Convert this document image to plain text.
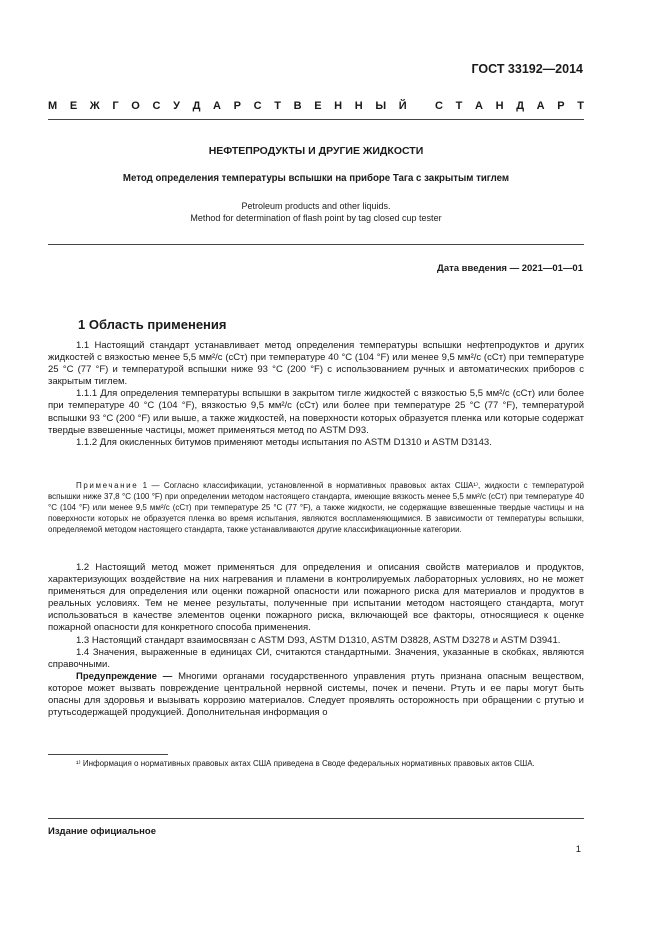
ГОСТ 33192—2014
М Е Ж Г О С У Д А Р С Т В Е Н Н Ы Й
	С Т А Н Д А Р Т
НЕФТЕПРОДУКТЫ И ДРУГИЕ ЖИДКОСТИ
Метод определения температуры вспышки на приборе Тага с закрытым тиглем
Petroleum products and other liquids.
Method for determination of flash point by tag closed cup tester
Дата введения — 2021—01—01
1 Область применения

1.1 Настоящий стандарт устанавливает метод определения температуры вспышки нефтепродуктов и других жидкостей с вязкостью менее 5,5 мм²/с (сСт) при температуре 40 °С (104 °F) или менее 9,5 мм²/с (сСт) при температуре 25 °С (77 °F) и температурой вспышки ниже 93 °С (200 °F) с использованием ручных и автоматических приборов с закрытым тиглем.

1.1.1 Для определения температуры вспышки в закрытом тигле жидкостей с вязкостью 5,5 мм²/с (сСт) или более при температуре 40 °С (104 °F), вязкостью 9,5 мм²/с (сСт) или более при температуре 25 °С (77 °F), температурой вспышки 93 °С (200 °F) или выше, а также жидкостей, на поверхности которых образуется пленка или которые содержат твердые взвешенные частицы, может применяться метод по ASTM D93.

1.1.2 Для окисленных битумов применяют методы испытания по ASTM D1310 и ASTM D3143.

Примечание 1 — Согласно классификации, установленной в нормативных правовых актах США¹⁾, жидкости с температурой вспышки ниже 37,8 °С (100 °F) при определении методом настоящего стандарта, имеющие вязкость менее 5,5 мм²/с (сСт) при температуре 40 °С (104 °F) или менее 9,5 мм²/с (сСт) при температуре 25 °С (77 °F), а также жидкости, не содержащие взвешенные твердые частицы и на поверхности которых не образуется пленка во время испытания, являются воспламеняющимися. В зависимости от температуры вспышки, определяемой методом настоящего стандарта, также устанавливаются другие классификационные категории.

1.2 Настоящий метод может применяться для определения и описания свойств материалов и продуктов, характеризующих воздействие на них нагревания и пламени в контролируемых лабораторных условиях, но не может применяться для определения или оценки пожарной опасности или пожарного риска для материалов и продуктов в реальных условиях. Тем не менее результаты, полученные при испытании методом настоящего стандарта, могут использоваться в качестве элементов оценки пожарного риска, включающей все факторы, относящиеся к оценке пожарной опасности для конкретного способа применения.

1.3 Настоящий стандарт взаимосвязан с ASTM D93, ASTM D1310, ASTM D3828, ASTM D3278 и ASTM D3941.

1.4 Значения, выраженные в единицах СИ, считаются стандартными. Значения, указанные в скобках, являются справочными.

Предупреждение — Многими органами государственного управления ртуть признана опасным веществом, которое может вызвать повреждение центральной нервной системы, почек и печени. Ртуть и ее пары могут быть опасны для здоровья и вызывать коррозию материалов. Следует проявлять осторожность при обращении с ртутью и ртутьсодержащей продукцией. Дополнительная информация о

¹⁾ Информация о нормативных правовых актах США приведена в Своде федеральных нормативных правовых актов США.

Издание официальное
1
